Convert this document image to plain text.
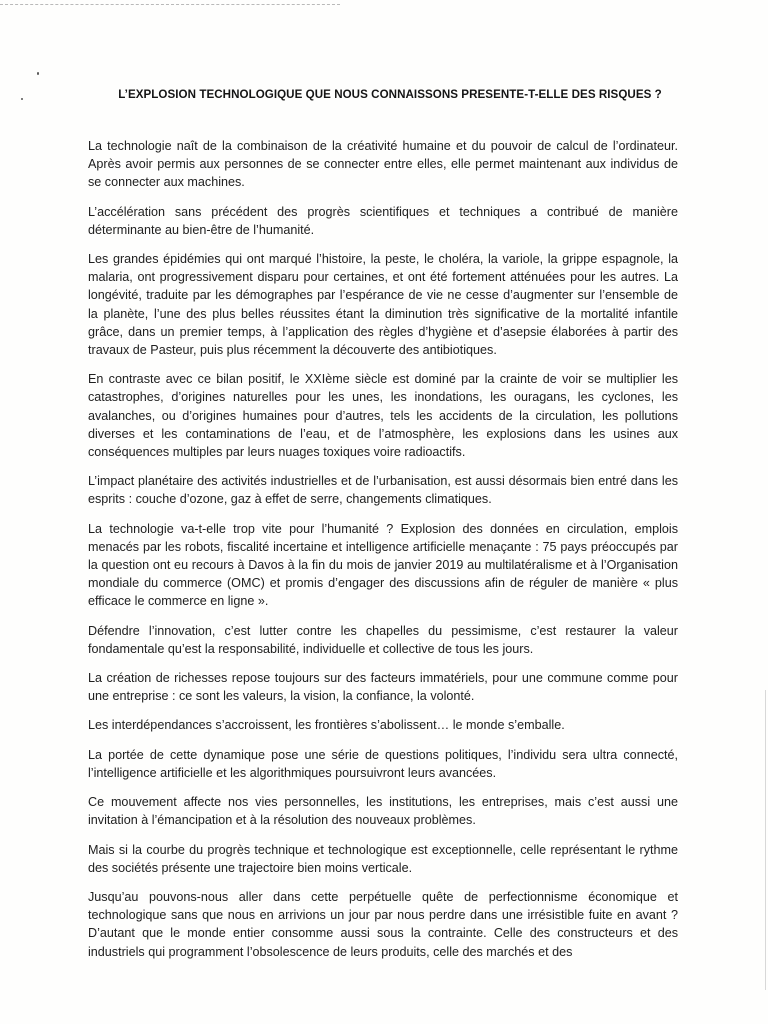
L’EXPLOSION TECHNOLOGIQUE QUE NOUS CONNAISSONS PRESENTE-T-ELLE DES RISQUES ?

La technologie naît de la combinaison de la créativité humaine et du pouvoir de calcul de l’ordinateur. Après avoir permis aux personnes de se connecter entre elles, elle permet maintenant aux individus de se connecter aux machines.

L’accélération sans précédent des progrès scientifiques et techniques a contribué de manière déterminante au bien-être de l’humanité.

Les grandes épidémies qui ont marqué l’histoire, la peste, le choléra, la variole, la grippe espagnole, la malaria, ont progressivement disparu pour certaines, et ont été fortement atténuées pour les autres. La longévité, traduite par les démographes par l’espérance de vie ne cesse d’augmenter sur l’ensemble de la planète, l’une des plus belles réussites étant la diminution très significative de la mortalité infantile grâce, dans un premier temps, à l’application des règles d’hygiène et d’asepsie élaborées à partir des travaux de Pasteur, puis plus récemment la découverte des antibiotiques.

En contraste avec ce bilan positif, le XXIème siècle est dominé par la crainte de voir se multiplier les catastrophes, d’origines naturelles pour les unes, les inondations, les ouragans, les cyclones, les avalanches, ou d’origines humaines pour d’autres, tels les accidents de la circulation, les pollutions diverses et les contaminations de l’eau, et de l’atmosphère, les explosions dans les usines aux conséquences multiples par leurs nuages toxiques voire radioactifs.

L’impact planétaire des activités industrielles et de l’urbanisation, est aussi désormais bien entré dans les esprits : couche d’ozone, gaz à effet de serre, changements climatiques.

La technologie va-t-elle trop vite pour l’humanité ? Explosion des données en circulation, emplois menacés par les robots, fiscalité incertaine et intelligence artificielle menaçante : 75 pays préoccupés par la question ont eu recours à Davos à la fin du mois de janvier 2019 au multilatéralisme et à l’Organisation mondiale du commerce (OMC) et promis d’engager des discussions afin de réguler de manière « plus efficace le commerce en ligne ».

Défendre l’innovation, c’est lutter contre les chapelles du pessimisme, c’est restaurer la valeur fondamentale qu’est la responsabilité, individuelle et collective de tous les jours.

La création de richesses repose toujours sur des facteurs immatériels, pour une commune comme pour une entreprise : ce sont les valeurs, la vision, la confiance, la volonté.

Les interdépendances s’accroissent, les frontières s’abolissent… le monde s’emballe.

La portée de cette dynamique pose une série de questions politiques, l’individu sera ultra connecté, l’intelligence artificielle et les algorithmiques poursuivront leurs avancées.

Ce mouvement affecte nos vies personnelles, les institutions, les entreprises, mais c’est aussi une invitation à l’émancipation et à la résolution des nouveaux problèmes.

Mais si la courbe du progrès technique et technologique est exceptionnelle, celle représentant le rythme des sociétés présente une trajectoire bien moins verticale.

Jusqu’au pouvons-nous aller dans cette perpétuelle quête de perfectionnisme économique et technologique sans que nous en arrivions un jour par nous perdre dans une irrésistible fuite en avant ? D’autant que le monde entier consomme aussi sous la contrainte. Celle des constructeurs et des industriels qui programment l’obsolescence de leurs produits, celle des marchés et des
